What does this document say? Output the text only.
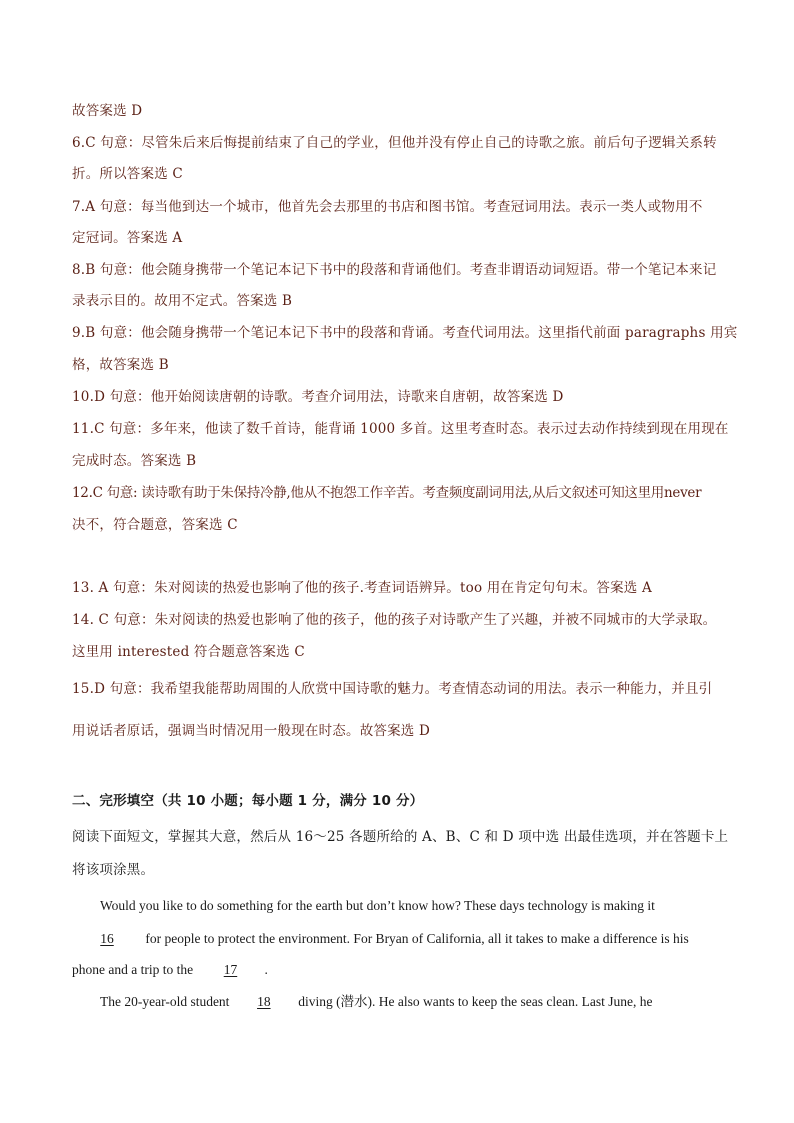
故答案选 D
6.C 句意：尽管朱后来后悔提前结束了自己的学业，但他并没有停止自己的诗歌之旅。前后句子逻辑关系转
折。所以答案选 C
7.A 句意：每当他到达一个城市，他首先会去那里的书店和图书馆。考查冠词用法。表示一类人或物用不
定冠词。答案选 A
8.B 句意：他会随身携带一个笔记本记下书中的段落和背诵他们。考查非谓语动词短语。带一个笔记本来记
录表示目的。故用不定式。答案选 B
9.B 句意：他会随身携带一个笔记本记下书中的段落和背诵。考查代词用法。这里指代前面 paragraphs 用宾
格，故答案选 B
10.D 句意：他开始阅读唐朝的诗歌。考查介词用法，诗歌来自唐朝，故答案选 D
11.C 句意：多年来，他读了数千首诗，能背诵 1000 多首。这里考查时态。表示过去动作持续到现在用现在
完成时态。答案选 B
12.C 句意: 读诗歌有助于朱保持冷静,他从不抱怨工作辛苦。考查频度副词用法,从后文叙述可知这里用never
决不，符合题意，答案选 C
13. A 句意：朱对阅读的热爱也影响了他的孩子.考查词语辨异。too 用在肯定句句末。答案选 A
14. C 句意：朱对阅读的热爱也影响了他的孩子，他的孩子对诗歌产生了兴趣，并被不同城市的大学录取。
这里用 interested 符合题意答案选 C
15.D 句意：我希望我能帮助周围的人欣赏中国诗歌的魅力。考查情态动词的用法。表示一种能力，并且引
用说话者原话，强调当时情况用一般现在时态。故答案选 D
二、完形填空（共 10 小题；每小题 1 分，满分 10 分）
阅读下面短文，掌握其大意，然后从 16～25 各题所给的 A、B、C 和 D 项中选 出最佳选项，并在答题卡上
将该项涂黑。
Would you like to do something for the earth but don’t know how? These days technology is making it
16 for people to protect the environment. For Bryan of California, all it takes to make a difference is his
phone and a trip to the 17 .
The 20-year-old student 18 diving (潜水). He also wants to keep the seas clean. Last June, he
